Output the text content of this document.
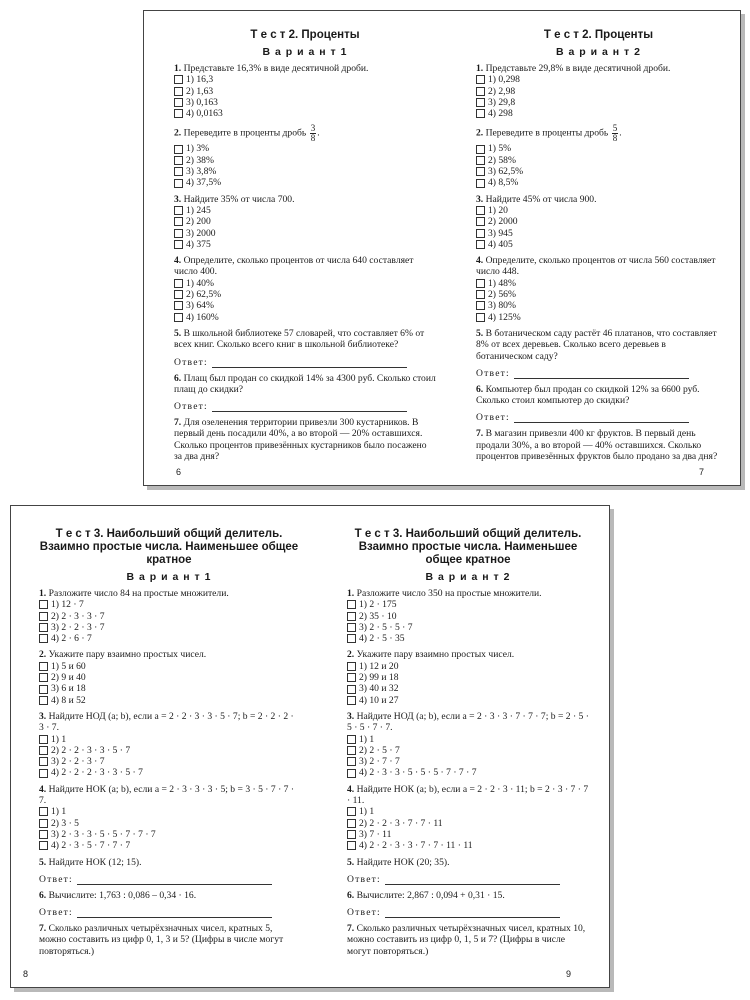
Т е с т 2. Проценты
В а р и а н т 1
1. Представьте 16,3% в виде десятичной дроби.
1) 16,3
2) 1,63
3) 0,163
4) 0,0163
2. Переведите в проценты дробь $\frac{3}{8}$ .
1) 3%
2) 38%
3) 3,8%
4) 37,5%
3. Найдите 35% от числа 700.
1) 245
2) 200
3) 2000
4) 375
4. Определите, сколько процентов от числа 640 составляет число 400.
1) 40%
2) 62,5%
3) 64%
4) 160%
5. В школьной библиотеке 57 словарей, что составляет 6% от всех книг. Сколько всего книг в школьной библиотеке?
Ответ:
6. Плащ был продан со скидкой 14% за 4300 руб. Сколько стоил плащ до скидки?
Ответ:
7. Для озеленения территории привезли 300 кустарников. В первый день посадили 40%, а во второй — 20% оставшихся. Сколько процентов привезённых кустарников было посажено за два дня?
Т е с т 2. Проценты
В а р и а н т 2
1. Представьте 29,8% в виде десятичной дроби.
1) 0,298
2) 2,98
3) 29,8
4) 298
2. Переведите в проценты дробь $\frac{5}{8}$ .
1) 5%
2) 58%
3) 62,5%
4) 8,5%
3. Найдите 45% от числа 900.
1) 20
2) 2000
3) 945
4) 405
4. Определите, сколько процентов от числа 560 составляет число 448.
1) 48%
2) 56%
3) 80%
4) 125%
5. В ботаническом саду растёт 46 платанов, что составляет 8% от всех деревьев. Сколько всего деревьев в ботаническом саду?
Ответ:
6. Компьютер был продан со скидкой 12% за 6600 руб. Сколько стоил компьютер до скидки?
Ответ:
7. В магазин привезли 400 кг фруктов. В первый день продали 30%, а во второй — 40% оставшихся. Сколько процентов привезённых фруктов было продано за два дня?
6	7
Т е с т 3. Наибольший общий делитель. Взаимно простые числа. Наименьшее общее кратное
В а р и а н т 1
1. Разложите число 84 на простые множители.
1) 12 · 7
2) 2 · 3 · 3 · 7
3) 2 · 2 · 3 · 7
4) 2 · 6 · 7
2. Укажите пару взаимно простых чисел.
1) 5 и 60
2) 9 и 40
3) 6 и 18
4) 8 и 52
3. Найдите НОД (a; b), если a = 2 · 2 · 3 · 3 · 5 · 7; b = 2 · 2 · 2 · 3 · 7.
1) 1
2) 2 · 2 · 3 · 3 · 5 · 7
3) 2 · 2 · 3 · 7
4) 2 · 2 · 2 · 3 · 3 · 5 · 7
4. Найдите НОК (a; b), если a = 2 · 3 · 3 · 3 · 5; b = 3 · 5 · 7 · 7 · 7.
1) 1
2) 3 · 5
3) 2 · 3 · 3 · 5 · 5 · 7 · 7 · 7
4) 2 · 3 · 5 · 7 · 7 · 7
5. Найдите НОК (12; 15).
Ответ:
6. Вычислите: 1,763 : 0,086 – 0,34 · 16.
Ответ:
7. Сколько различных четырёхзначных чисел, кратных 5, можно составить из цифр 0, 1, 3 и 5? (Цифры в числе могут повторяться.)
Т е с т 3. Наибольший общий делитель. Взаимно простые числа. Наименьшее общее кратное
В а р и а н т 2
1. Разложите число 350 на простые множители.
1) 2 · 175
2) 35 · 10
3) 2 · 5 · 5 · 7
4) 2 · 5 · 35
2. Укажите пару взаимно простых чисел.
1) 12 и 20
2) 99 и 18
3) 40 и 32
4) 10 и 27
3. Найдите НОД (a; b), если a = 2 · 3 · 3 · 7 · 7 · 7; b = 2 · 5 · 5 · 5 · 7 · 7.
1) 1
2) 2 · 5 · 7
3) 2 · 7 · 7
4) 2 · 3 · 3 · 5 · 5 · 5 · 7 · 7 · 7
4. Найдите НОК (a; b), если a = 2 · 2 · 3 · 11; b = 2 · 3 · 7 · 7 · 11.
1) 1
2) 2 · 2 · 3 · 7 · 7 · 11
3) 7 · 11
4) 2 · 2 · 3 · 3 · 7 · 7 · 11 · 11
5. Найдите НОК (20; 35).
Ответ:
6. Вычислите: 2,867 : 0,094 + 0,31 · 15.
Ответ:
7. Сколько различных четырёхзначных чисел, кратных 10, можно составить из цифр 0, 1, 5 и 7? (Цифры в числе могут повторяться.)
8	9
